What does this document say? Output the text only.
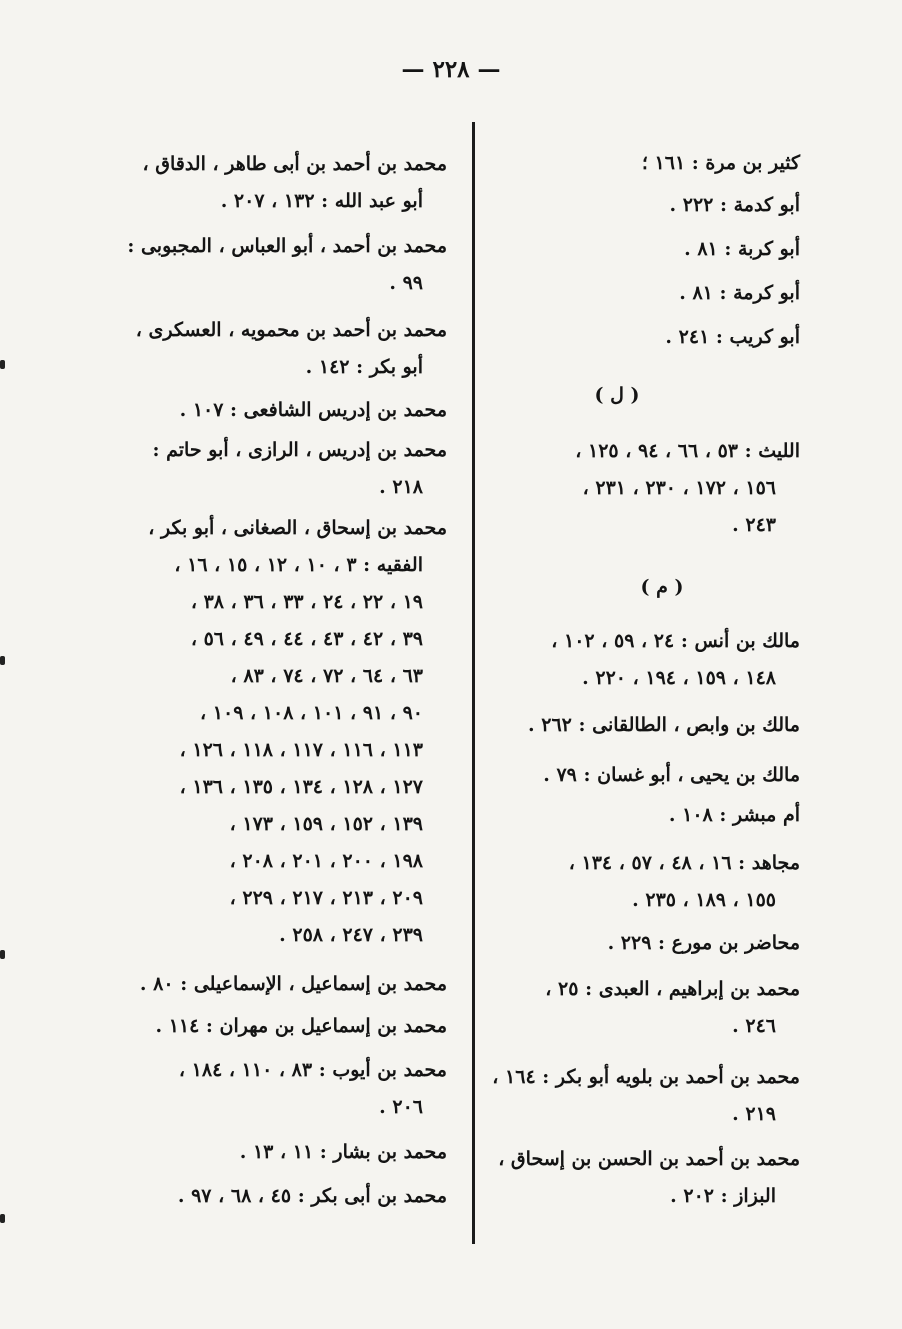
— ٢٢٨ —
كثير بن مرة : ١٦١ ؛
أبو كدمة : ٢٢٢ .
أبو كربة : ٨١ .
أبو كرمة : ٨١ .
أبو كريب : ٢٤١ .
( ل )
الليث : ٥٣ ، ٦٦ ، ٩٤ ، ١٢٥ ،
١٥٦ ، ١٧٢ ، ٢٣٠ ، ٢٣١ ،
٢٤٣ .
( م )
مالك بن أنس : ٢٤ ، ٥٩ ، ١٠٢ ،
١٤٨ ، ١٥٩ ، ١٩٤ ، ٢٢٠ .
مالك بن وابص ، الطالقانى : ٢٦٢ .
مالك بن يحيى ، أبو غسان : ٧٩ .
أم مبشر : ١٠٨ .
مجاهد : ١٦ ، ٤٨ ، ٥٧ ، ١٣٤ ،
١٥٥ ، ١٨٩ ، ٢٣٥ .
محاضر بن مورع : ٢٢٩ .
محمد بن إبراهيم ، العبدى : ٢٥ ،
٢٤٦ .
محمد بن أحمد بن بلويه أبو بكر : ١٦٤ ،
٢١٩ .
محمد بن أحمد بن الحسن بن إسحاق ،
البزاز : ٢٠٢ .
محمد بن أحمد بن أبى طاهر ، الدقاق ،
أبو عبد الله : ١٣٢ ، ٢٠٧ .
محمد بن أحمد ، أبو العباس ، المجبوبى :
٩٩ .
محمد بن أحمد بن محمويه ، العسكرى ،
أبو بكر : ١٤٢ .
محمد بن إدريس الشافعى : ١٠٧ .
محمد بن إدريس ، الرازى ، أبو حاتم :
٢١٨ .
محمد بن إسحاق ، الصغانى ، أبو بكر ،
الفقيه : ٣ ، ١٠ ، ١٢ ، ١٥ ، ١٦ ،
١٩ ، ٢٢ ، ٢٤ ، ٣٣ ، ٣٦ ، ٣٨ ،
٣٩ ، ٤٢ ، ٤٣ ، ٤٤ ، ٤٩ ، ٥٦ ،
٦٣ ، ٦٤ ، ٧٢ ، ٧٤ ، ٨٣ ،
٩٠ ، ٩١ ، ١٠١ ، ١٠٨ ، ١٠٩ ،
١١٣ ، ١١٦ ، ١١٧ ، ١١٨ ، ١٢٦ ،
١٢٧ ، ١٢٨ ، ١٣٤ ، ١٣٥ ، ١٣٦ ،
١٣٩ ، ١٥٢ ، ١٥٩ ، ١٧٣ ،
١٩٨ ، ٢٠٠ ، ٢٠١ ، ٢٠٨ ،
٢٠٩ ، ٢١٣ ، ٢١٧ ، ٢٢٩ ،
٢٣٩ ، ٢٤٧ ، ٢٥٨ .
محمد بن إسماعيل ، الإسماعيلى : ٨٠ .
محمد بن إسماعيل بن مهران : ١١٤ .
محمد بن أيوب : ٨٣ ، ١١٠ ، ١٨٤ ،
٢٠٦ .
محمد بن بشار : ١١ ، ١٣ .
محمد بن أبى بكر : ٤٥ ، ٦٨ ، ٩٧ .
